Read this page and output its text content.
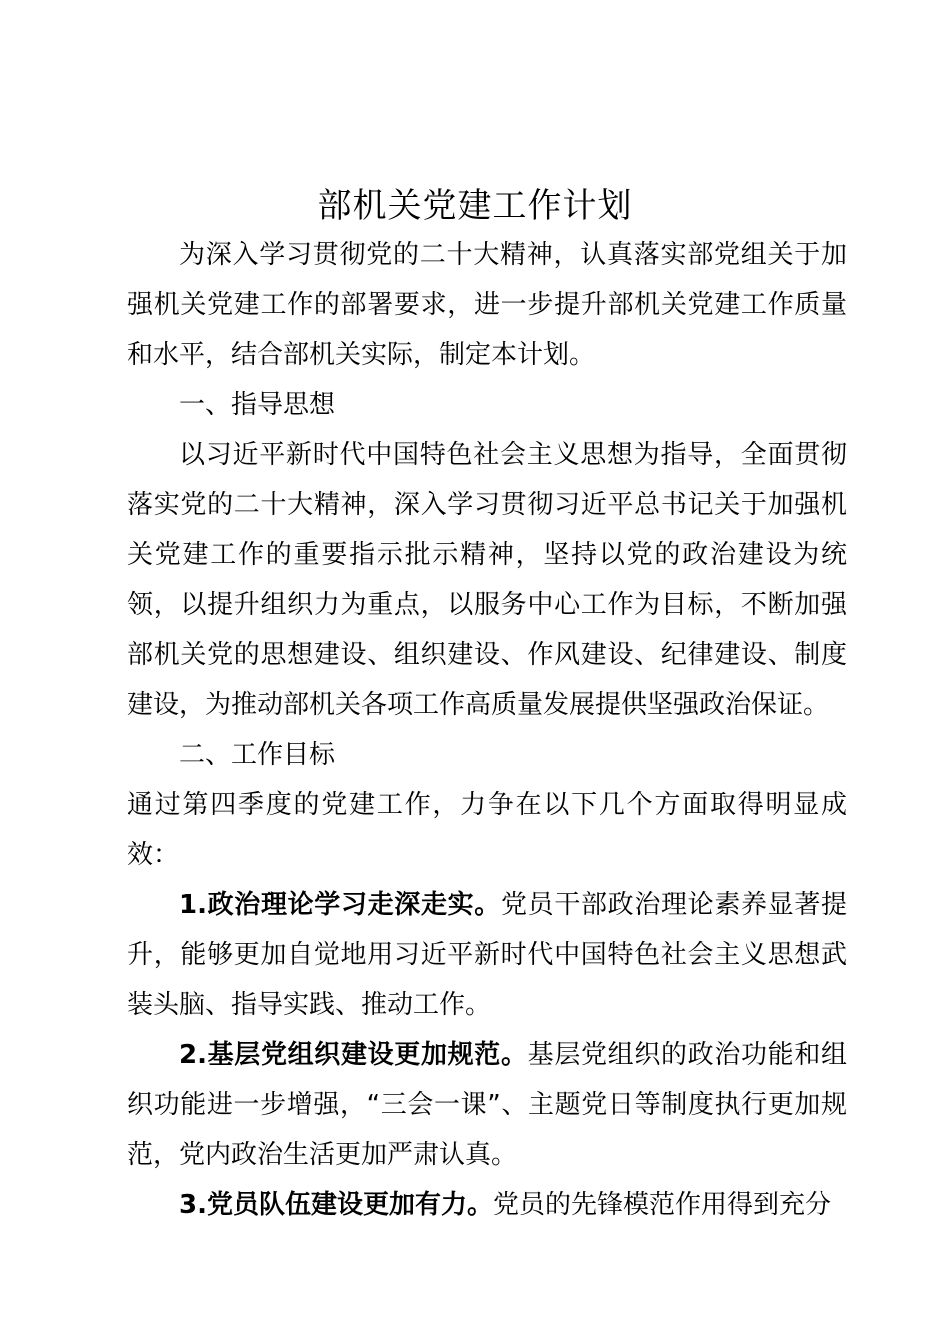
部机关党建工作计划

为深入学习贯彻党的二十大精神，认真落实部党组关于加强机关党建工作的部署要求，进一步提升部机关党建工作质量和水平，结合部机关实际，制定本计划。

一、指导思想

以习近平新时代中国特色社会主义思想为指导，全面贯彻落实党的二十大精神，深入学习贯彻习近平总书记关于加强机关党建工作的重要指示批示精神，坚持以党的政治建设为统领，以提升组织力为重点，以服务中心工作为目标，不断加强部机关党的思想建设、组织建设、作风建设、纪律建设、制度建设，为推动部机关各项工作高质量发展提供坚强政治保证。

二、工作目标

通过第四季度的党建工作，力争在以下几个方面取得明显成效：

1.政治理论学习走深走实。党员干部政治理论素养显著提升，能够更加自觉地用习近平新时代中国特色社会主义思想武装头脑、指导实践、推动工作。

2.基层党组织建设更加规范。基层党组织的政治功能和组织功能进一步增强，“三会一课”、主题党日等制度执行更加规范，党内政治生活更加严肃认真。

3.党员队伍建设更加有力。党员的先锋模范作用得到充分
